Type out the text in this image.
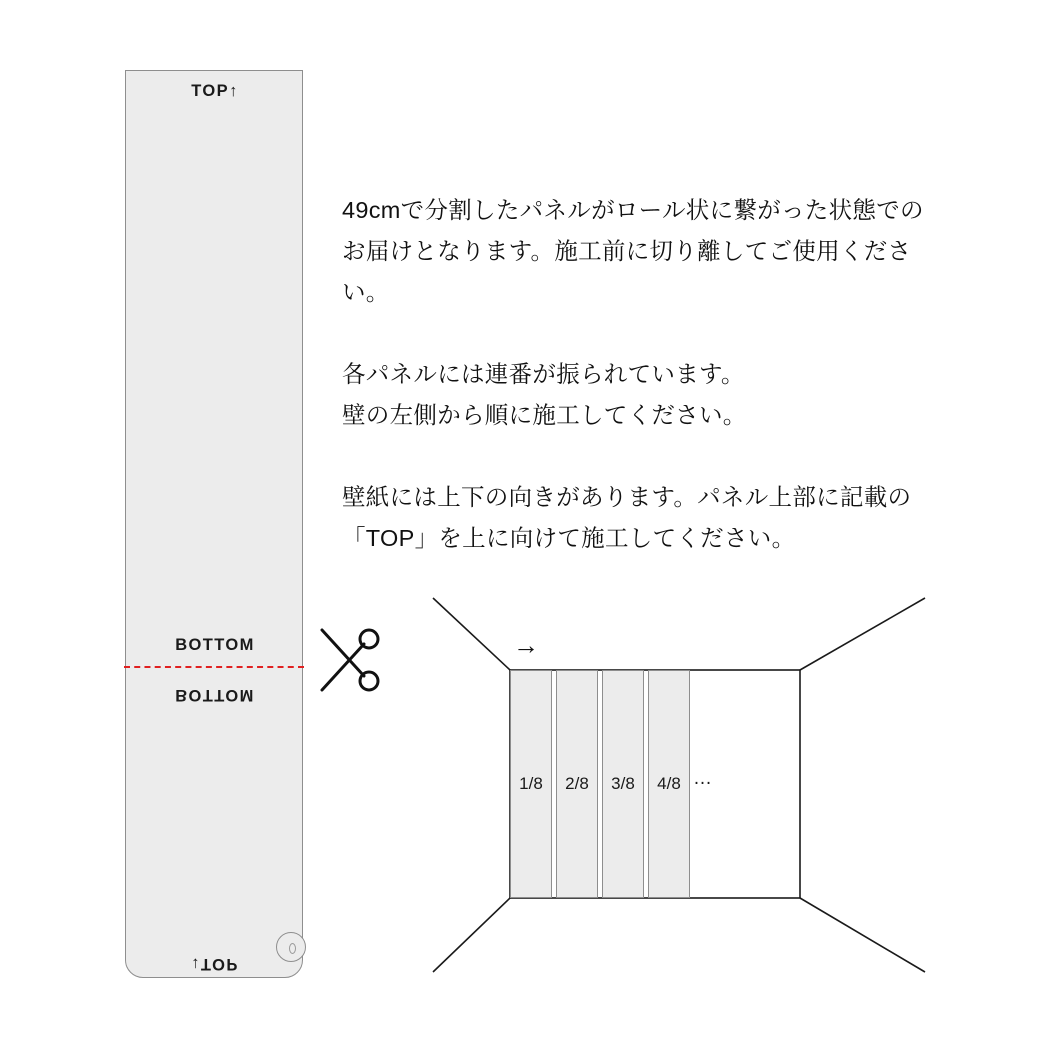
TOP↑
BOTTOM
BOTTOM
↓TOP

49cmで分割したパネルがロール状に繋がった状態でのお届けとなります。施工前に切り離してご使用ください。

各パネルには連番が振られています。

壁の左側から順に施工してください。

壁紙には上下の向きがあります。パネル上部に記載の

「TOP」を上に向けて施工してください。

→
1/8	2/8	3/8	4/8 …
